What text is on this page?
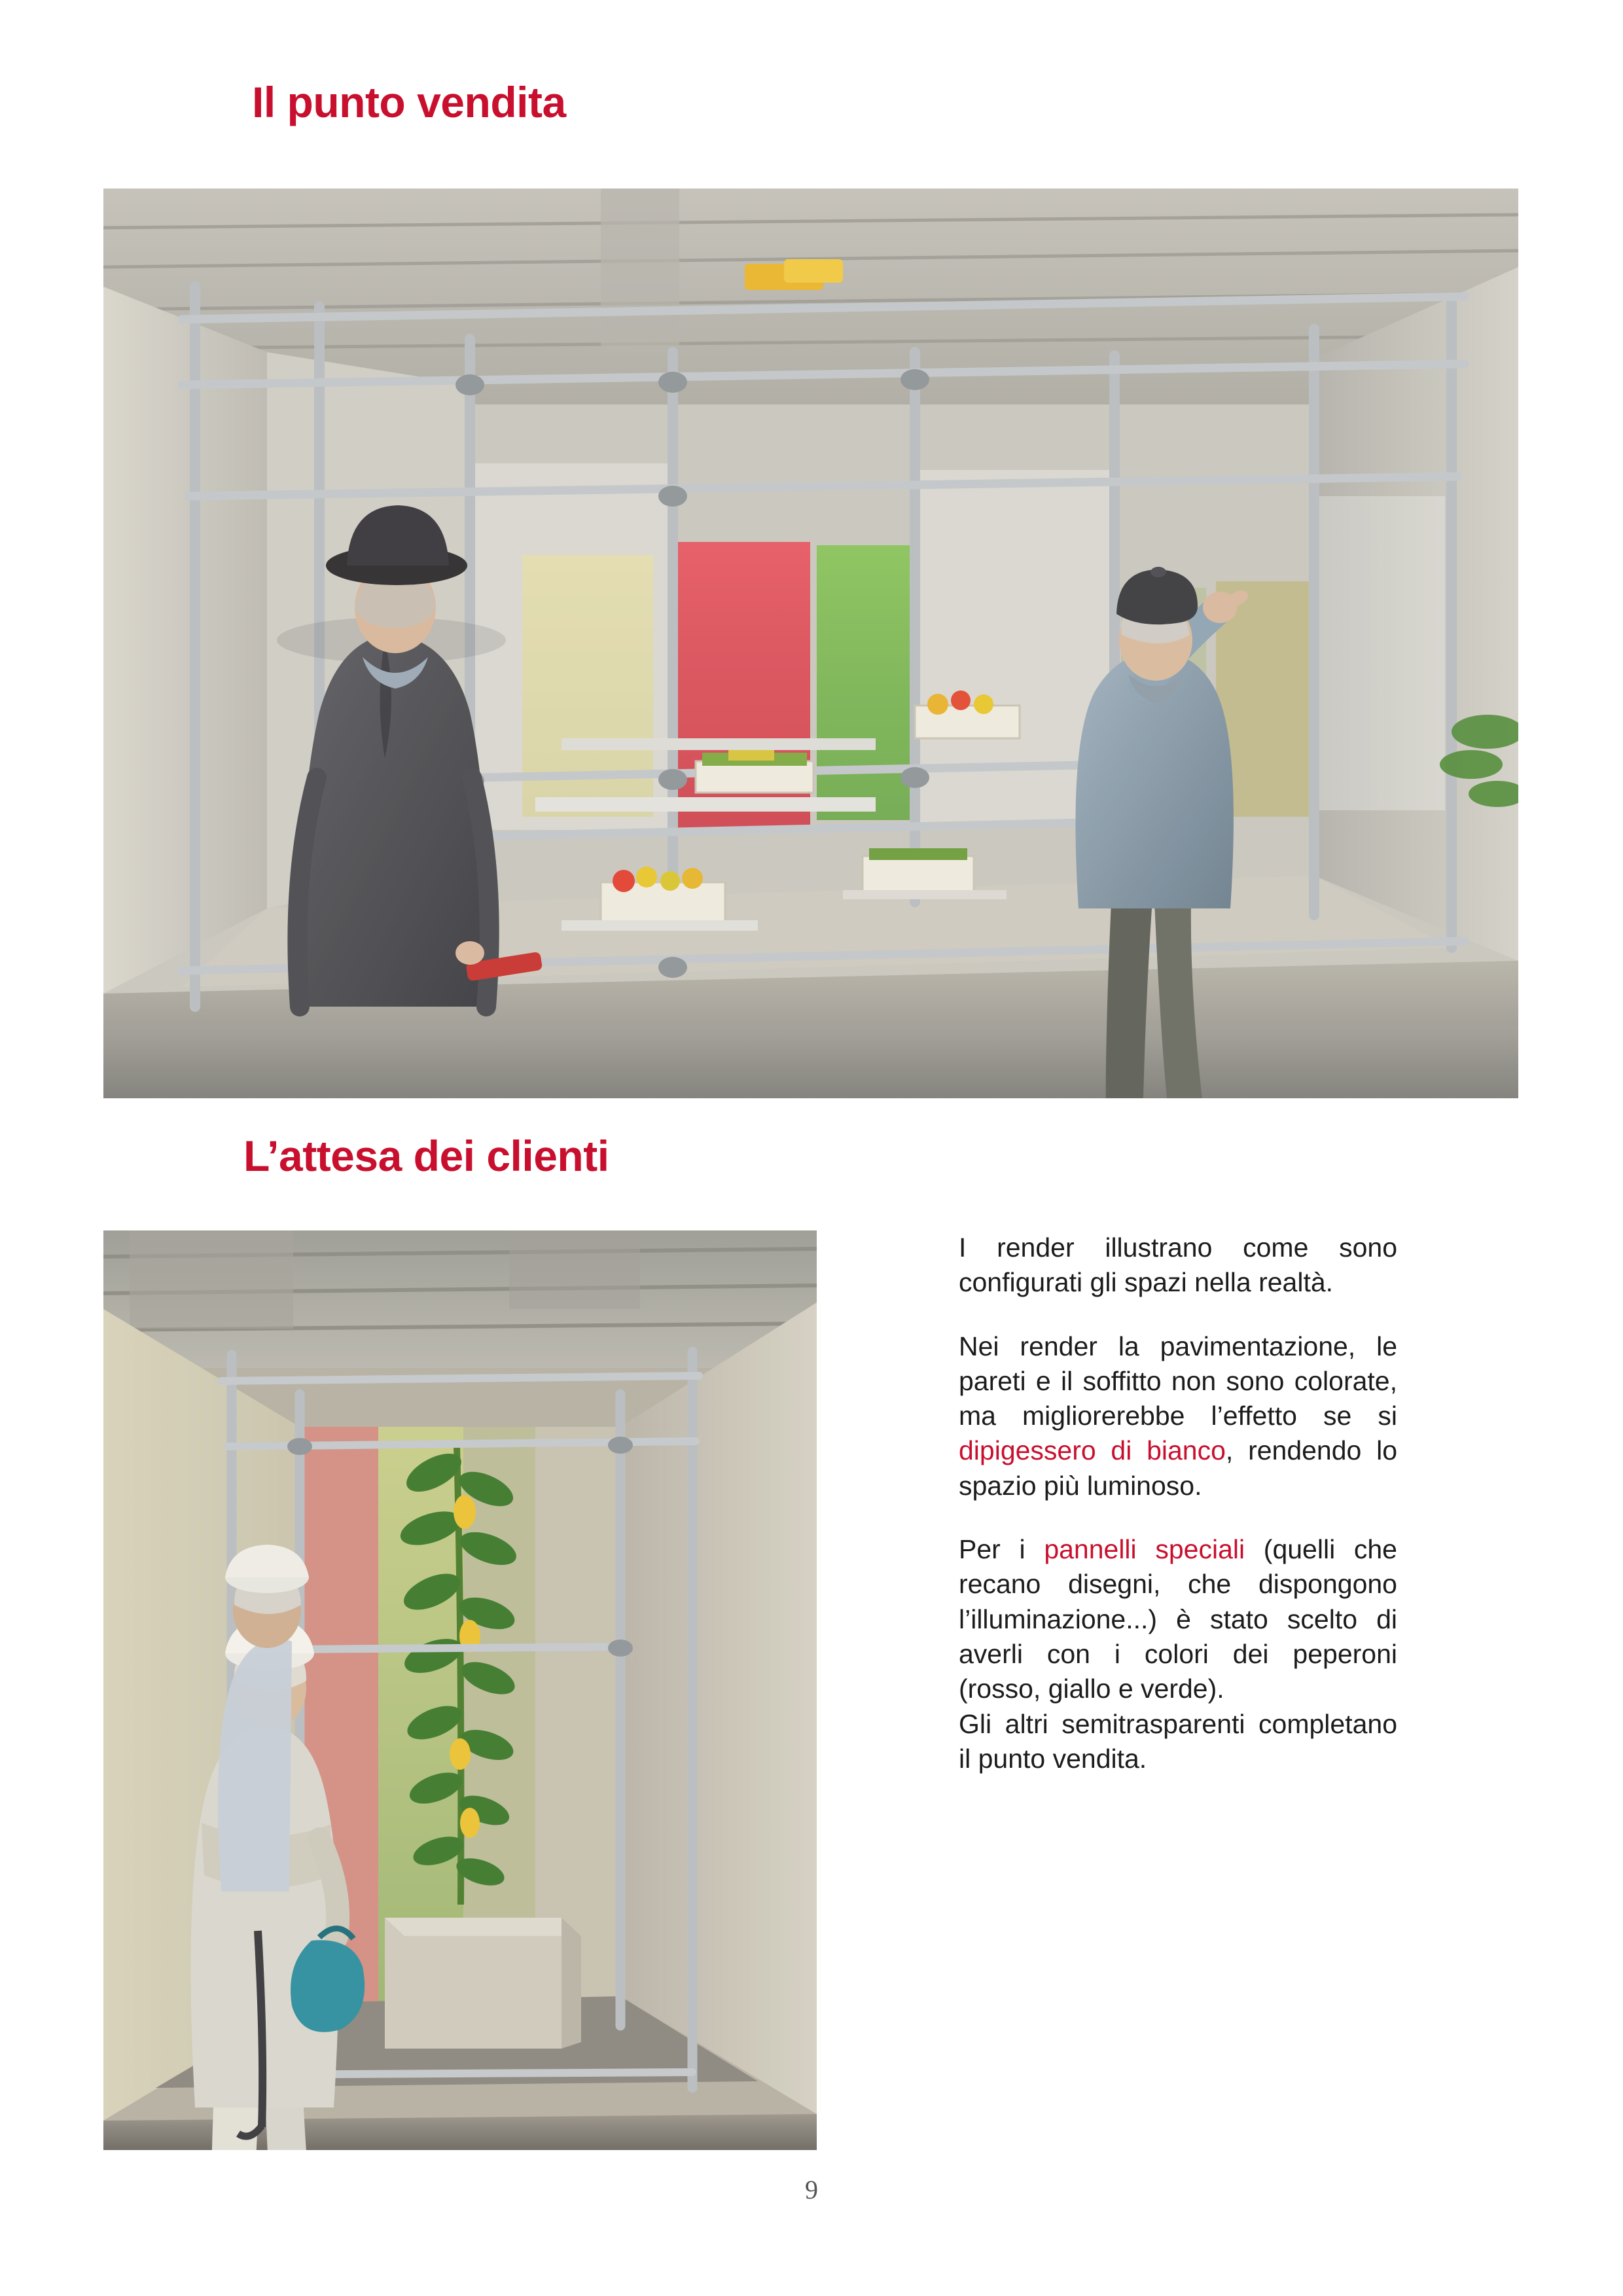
Il punto vendita
L’attesa dei clienti

I render illustrano come sono configurati gli spazi nella realtà.

Nei render la pavimentazione, le pareti e il soffitto non sono colorate, ma migliorerebbe l’effetto se si dipigessero di bianco, rendendo lo spazio più luminoso.

Per i pannelli speciali (quelli che recano disegni, che dispongono l’illuminazione...) è stato scelto di averli con i colori dei peperoni (rosso, giallo e verde).

Gli altri semitrasparenti completano il punto vendita.

9
